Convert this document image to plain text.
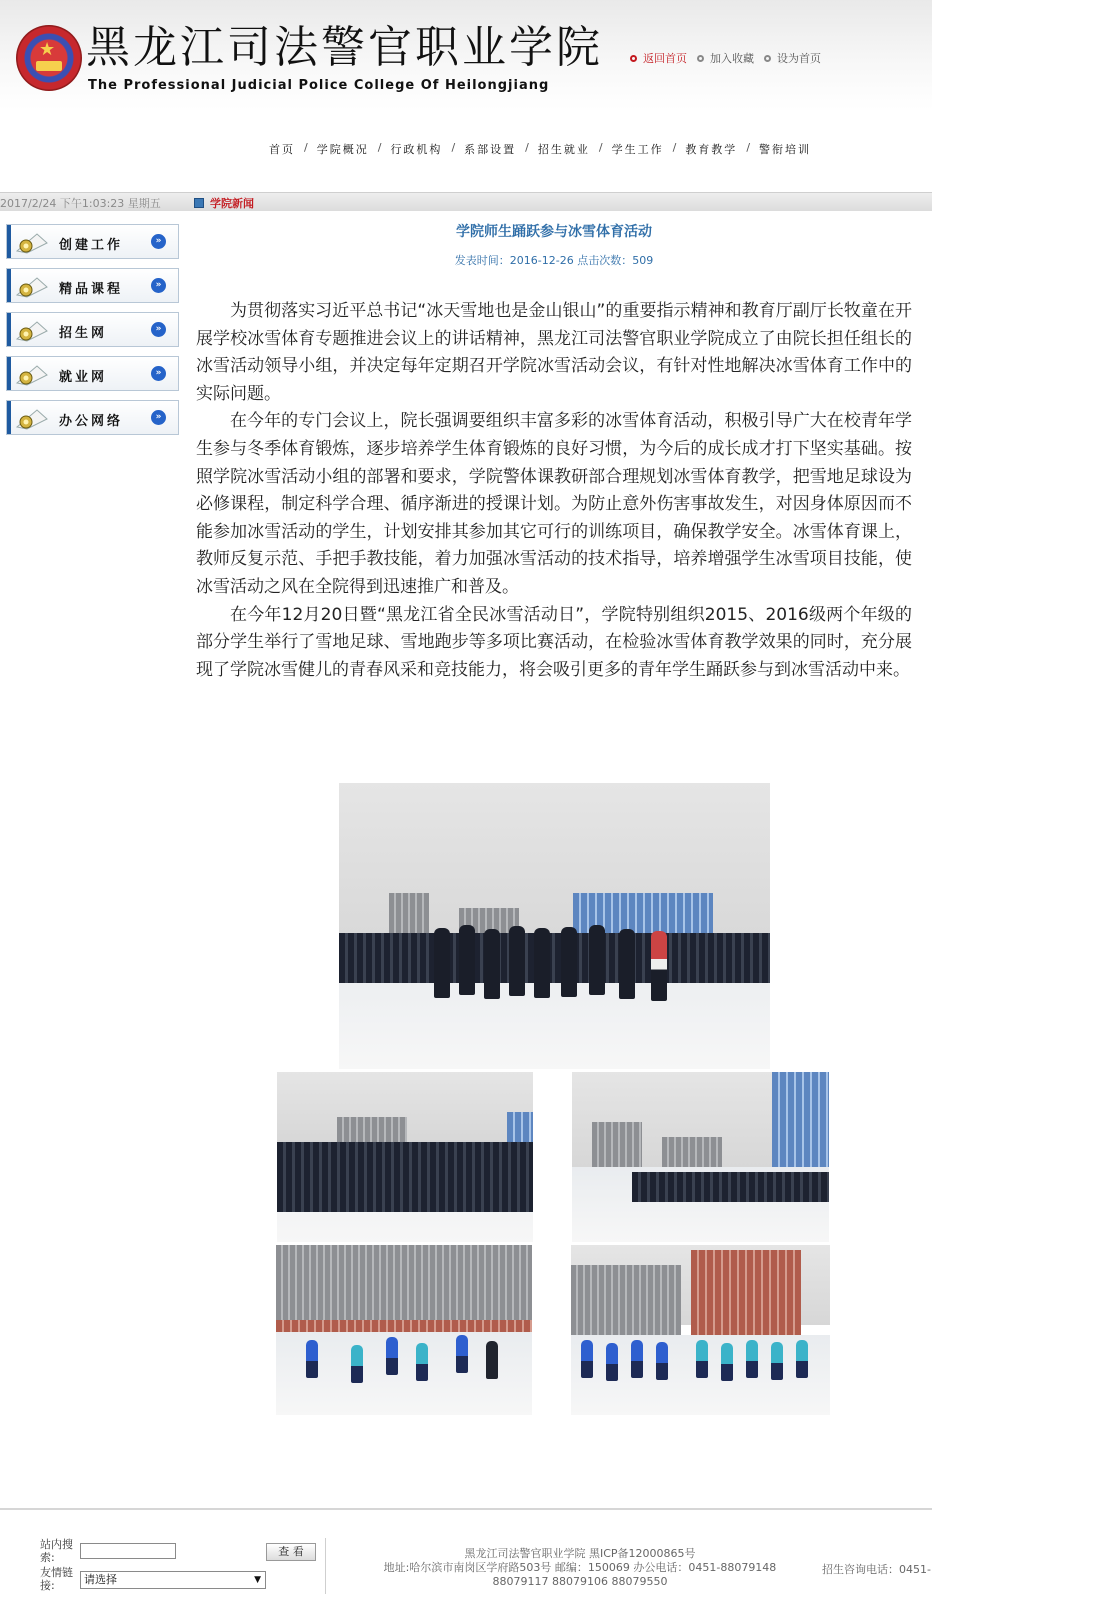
★ 黑龙江司法警官职业学院
The Professional Judicial Police College Of Heilongjiang
返回首页 加入收藏 设为首页
首页 / 学院概况 / 行政机构 / 系部设置 / 招生就业 / 学生工作 / 教育教学 / 警衔培训
2017/2/24 下午1:03:23 星期五	学院新闻
创建工作	»
精品课程	»
招生网	»
就业网	»
办公网络	»
学院师生踊跃参与冰雪体育活动
发表时间：2016-12-26 点击次数：509

为贯彻落实习近平总书记“冰天雪地也是金山银山”的重要指示精神和教育厅副厅长牧童在开展学校冰雪体育专题推进会议上的讲话精神，黑龙江司法警官职业学院成立了由院长担任组长的冰雪活动领导小组，并决定每年定期召开学院冰雪活动会议，有针对性地解决冰雪体育工作中的实际问题。

在今年的专门会议上，院长强调要组织丰富多彩的冰雪体育活动，积极引导广大在校青年学生参与冬季体育锻炼，逐步培养学生体育锻炼的良好习惯，为今后的成长成才打下坚实基础。按照学院冰雪活动小组的部署和要求，学院警体课教研部合理规划冰雪体育教学，把雪地足球设为必修课程，制定科学合理、循序渐进的授课计划。为防止意外伤害事故发生，对因身体原因而不能参加冰雪活动的学生，计划安排其参加其它可行的训练项目，确保教学安全。冰雪体育课上，教师反复示范、手把手教技能，着力加强冰雪活动的技术指导，培养增强学生冰雪项目技能，使冰雪活动之风在全院得到迅速推广和普及。

在今年12月20日暨“黑龙江省全民冰雪活动日”，学院特别组织2015、2016级两个年级的部分学生举行了雪地足球、雪地跑步等多项比赛活动，在检验冰雪体育教学效果的同时，充分展现了学院冰雪健儿的青春风采和竞技能力，将会吸引更多的青年学生踊跃参与到冰雪活动中来。

站内搜索:	查 看
友情链接:	请选择	▼
黑龙江司法警官职业学院 黑ICP备12000865号
地址:哈尔滨市南岗区学府路503号 邮编：150069 办公电话：0451-88079148
88079117 88079106 88079550
招生咨询电话：0451-
